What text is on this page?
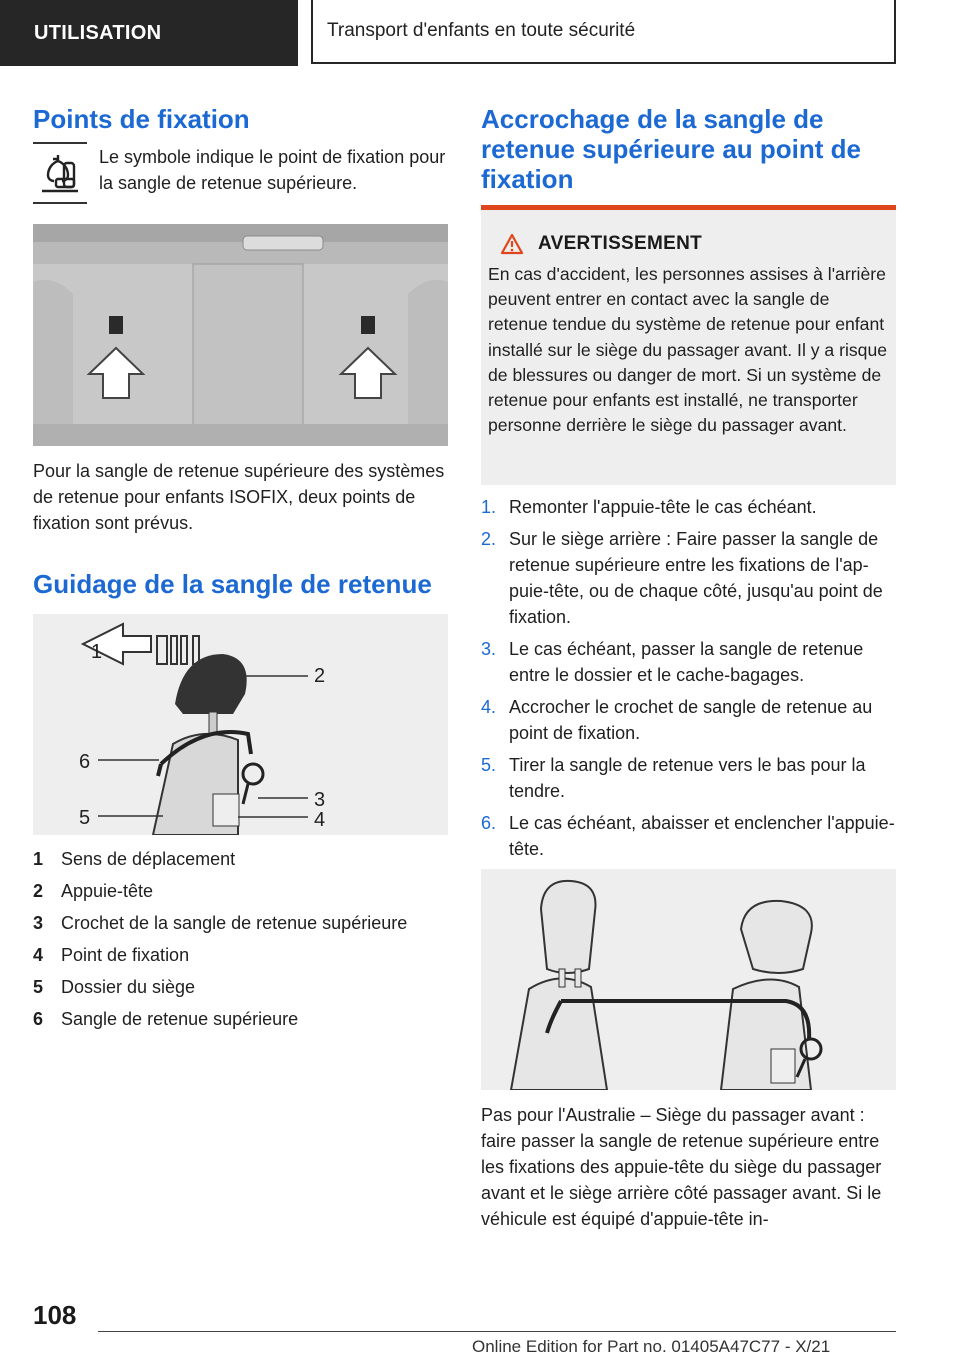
UTILISATION	Transport d'enfants en toute sécurité
Points de fixation

Le symbole indique le point de fixation pour la sangle de retenue supérieure.

Pour la sangle de retenue supérieure des systèmes de retenue pour enfants ISOFIX, deux points de fixation sont prévus.

Guidage de la sangle de retenue
1
2
3
4
5
6
1 Sens de déplacement
2 Appuie-tête
3 Crochet de la sangle de retenue supérieure
4 Point de fixation
5 Dossier du siège
6 Sangle de retenue supérieure
Accrochage de la sangle de retenue supérieure au point de fixation
AVERTISSEMENT

En cas d'accident, les personnes assises à l'arrière peuvent entrer en contact avec la sangle de retenue tendue du système de retenue pour enfant installé sur le siège du passager avant. Il y a risque de blessures ou danger de mort. Si un système de retenue pour enfants est installé, ne transporter personne derrière le siège du passager avant.

1. Remonter l'appuie-tête le cas échéant.
2. Sur le siège arrière : Faire passer la sangle de retenue supérieure entre les fixations de l'appuie-tête, ou de chaque côté, jusqu'au point de fixation.
3. Le cas échéant, passer la sangle de retenue entre le dossier et le cache-bagages.
4. Accrocher le crochet de sangle de retenue au point de fixation.
5. Tirer la sangle de retenue vers le bas pour la tendre.
6. Le cas échéant, abaisser et enclencher l'appuie-tête.

Pas pour l'Australie – Siège du passager avant : faire passer la sangle de retenue supérieure entre les fixations des appuie-tête du siège du passager avant et le siège arrière côté passager avant. Si le véhicule est équipé d'appuie-tête in-

108
Online Edition for Part no. 01405A47C77 - X/21
